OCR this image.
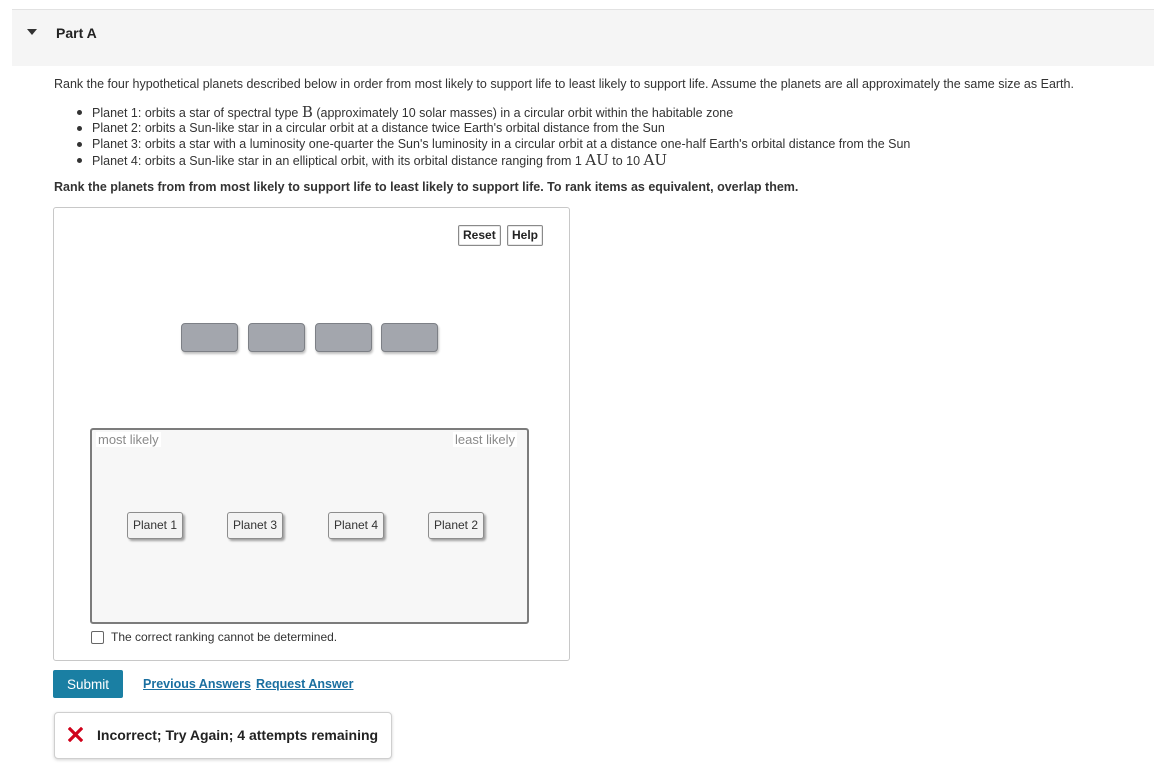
Part A
Rank the four hypothetical planets described below in order from most likely to support life to least likely to support life. Assume the planets are all approximately the same size as Earth.
Planet 1: orbits a star of spectral type B (approximately 10 solar masses) in a circular orbit within the habitable zone
Planet 2: orbits a Sun-like star in a circular orbit at a distance twice Earth's orbital distance from the Sun
Planet 3: orbits a star with a luminosity one-quarter the Sun's luminosity in a circular orbit at a distance one-half Earth's orbital distance from the Sun
Planet 4: orbits a Sun-like star in an elliptical orbit, with its orbital distance ranging from 1 AU to 10 AU
Rank the planets from from most likely to support life to least likely to support life. To rank items as equivalent, overlap them.
Reset	Help
most likely	least likely
Planet 1	Planet 3	Planet 4	Planet 2
The correct ranking cannot be determined.
Submit	Previous Answers Request Answer
Incorrect; Try Again; 4 attempts remaining
